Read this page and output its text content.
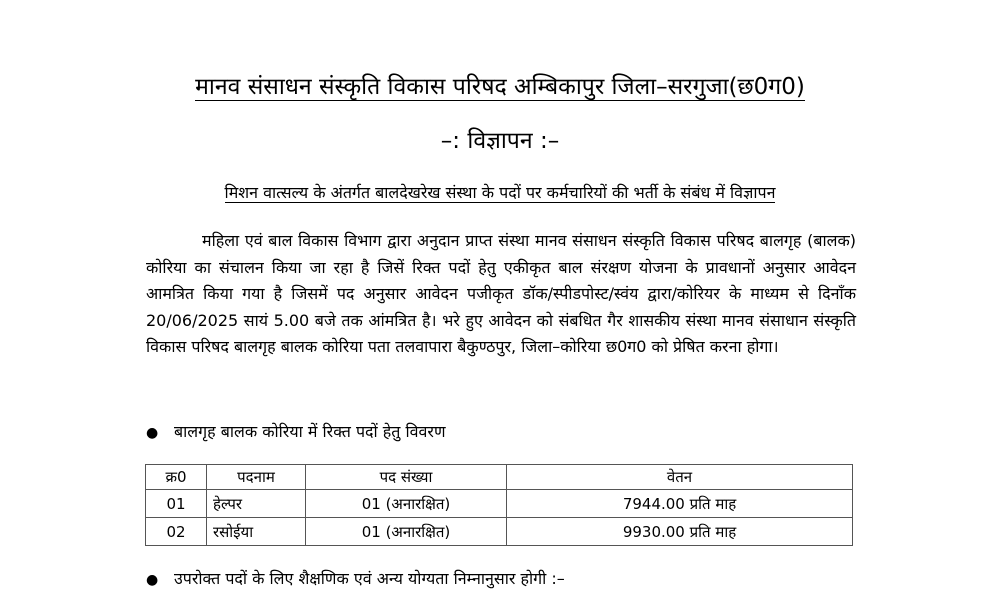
मानव संसाधन संस्कृति विकास परिषद अम्बिकापुर जिला–सरगुजा(छ0ग0)
–: विज्ञापन :–
मिशन वात्सल्य के अंतर्गत बालदेखरेख संस्था के पदों पर कर्मचारियों की भर्ती के संबंध में विज्ञापन

महिला एवं बाल विकास विभाग द्वारा अनुदान प्राप्त संस्था मानव संसाधन संस्कृति विकास परिषद बालगृह (बालक) कोरिया का संचालन किया जा रहा है जिसें रिक्त पदों हेतु एकीकृत बाल संरक्षण योजना के प्रावधानों अनुसार आवेदन आमत्रित किया गया है जिसमें पद अनुसार आवेदन पजीकृत डॉक/स्पीडपोस्ट/स्वंय द्वारा/कोरियर के माध्यम से दिनॉंक 20/06/2025 सायं 5.00 बजे तक आंमत्रित है। भरे हुए आवेदन को संबधित गैर शासकीय संस्था मानव संसाधान संस्कृति विकास परिषद बालगृह बालक कोरिया पता तलवापारा बैकुण्ठपुर, जिला–कोरिया छ0ग0 को प्रेषित करना होगा।

● बालगृह बालक कोरिया में रिक्त पदों हेतु विवरण
क्र0	पदनाम	पद संख्या	वेतन
01	हेल्पर	01 (अनारक्षित)	7944.00 प्रति माह
02	रसोईया	01 (अनारक्षित)	9930.00 प्रति माह
● उपरोक्त पदों के लिए शैक्षणिक एवं अन्य योग्यता निम्नानुसार होगी :–
